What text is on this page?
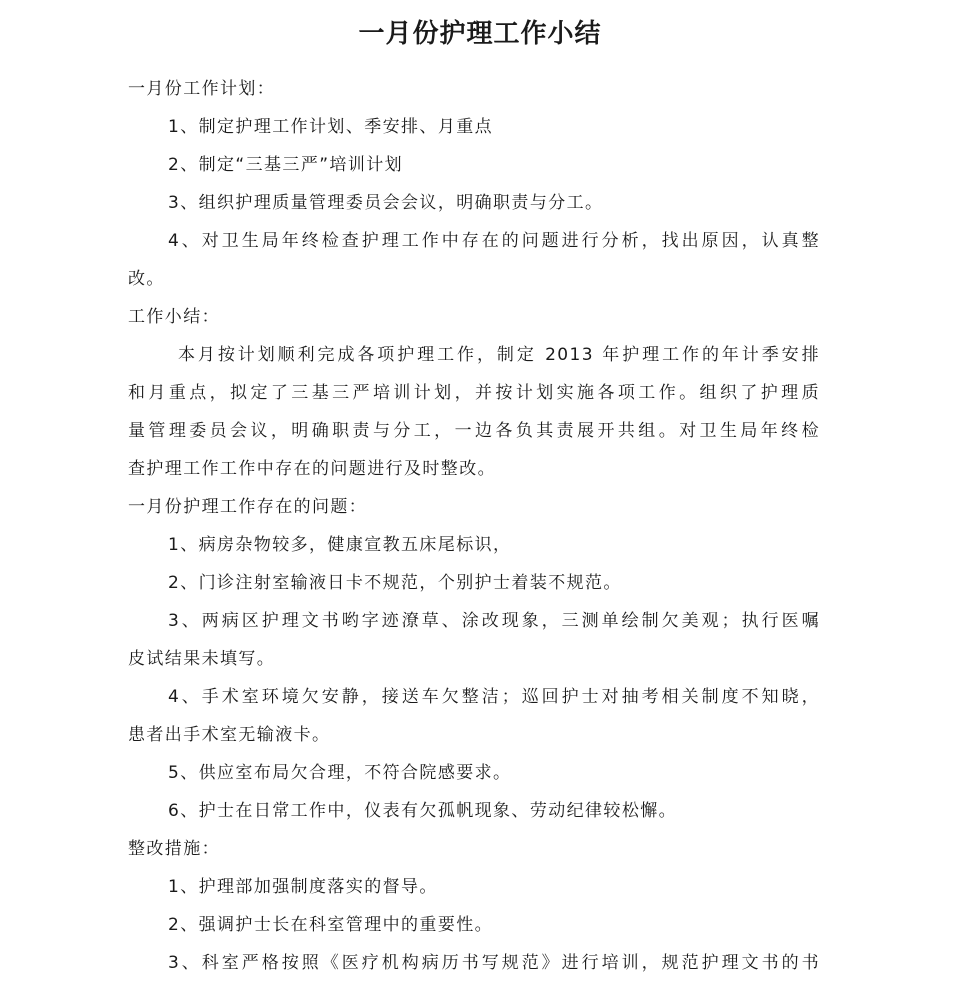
一月份护理工作小结
一月份工作计划：
1、制定护理工作计划、季安排、月重点
2、制定“三基三严”培训计划
3、组织护理质量管理委员会会议，明确职责与分工。
4、对卫生局年终检查护理工作中存在的问题进行分析，找出原因，认真整
改。
工作小结：
本月按计划顺利完成各项护理工作，制定 2013 年护理工作的年计季安排
和月重点，拟定了三基三严培训计划，并按计划实施各项工作。组织了护理质
量管理委员会议，明确职责与分工，一边各负其责展开共组。对卫生局年终检
查护理工作工作中存在的问题进行及时整改。
一月份护理工作存在的问题：
1、病房杂物较多，健康宣教五床尾标识，
2、门诊注射室输液日卡不规范，个别护士着装不规范。
3、两病区护理文书哟字迹潦草、涂改现象，三测单绘制欠美观；执行医嘱
皮试结果未填写。
4、手术室环境欠安静，接送车欠整洁；巡回护士对抽考相关制度不知晓，
患者出手术室无输液卡。
5、供应室布局欠合理，不符合院感要求。
6、护士在日常工作中，仪表有欠孤帆现象、劳动纪律较松懈。
整改措施：
1、护理部加强制度落实的督导。
2、强调护士长在科室管理中的重要性。
3、科室严格按照《医疗机构病历书写规范》进行培训，规范护理文书的书
